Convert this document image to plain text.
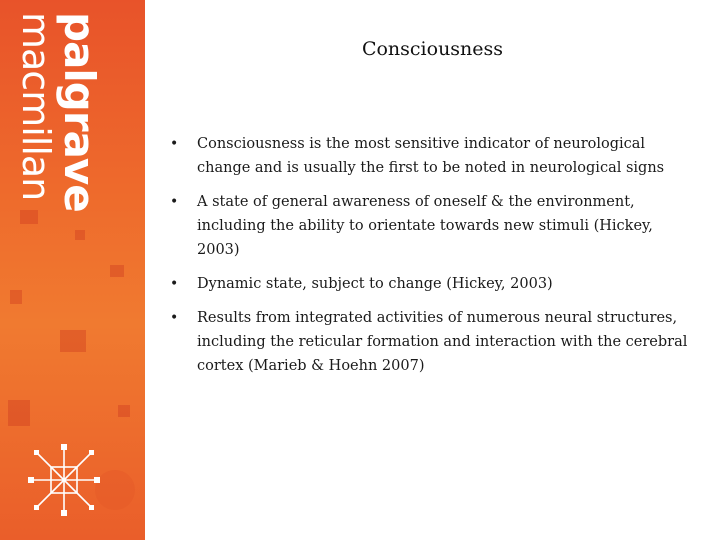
palgrave
macmillan	Consciousness
• Consciousness is the most sensitive indicator of neurological change and is usually the first to be noted in neurological signs
• A state of general awareness of oneself & the environment, including the ability to orientate towards new stimuli (Hickey, 2003)
• Dynamic state, subject to change (Hickey, 2003)
• Results from integrated activities of numerous neural structures, including the reticular formation and interaction with the cerebral cortex (Marieb & Hoehn 2007)
